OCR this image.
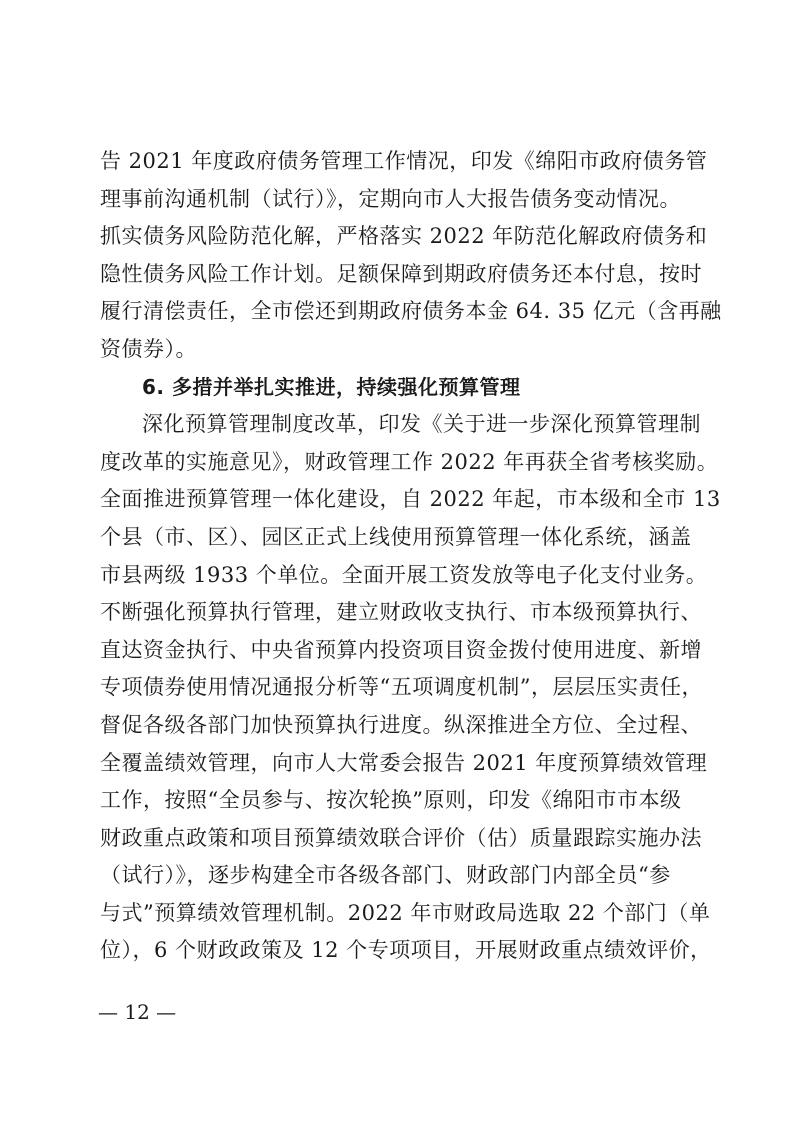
告 2021 年度政府债务管理工作情况，印发《绵阳市政府债务管
理事前沟通机制（试行）》，定期向市人大报告债务变动情况。
抓实债务风险防范化解，严格落实 2022 年防范化解政府债务和
隐性债务风险工作计划。足额保障到期政府债务还本付息，按时
履行清偿责任，全市偿还到期政府债务本金 64. 35 亿元（含再融
资债券）。
6. 多措并举扎实推进，持续强化预算管理
深化预算管理制度改革，印发《关于进一步深化预算管理制
度改革的实施意见》，财政管理工作 2022 年再获全省考核奖励。
全面推进预算管理一体化建设，自 2022 年起，市本级和全市 13
个县（市、区）、园区正式上线使用预算管理一体化系统，涵盖
市县两级 1933 个单位。全面开展工资发放等电子化支付业务。
不断强化预算执行管理，建立财政收支执行、市本级预算执行、
直达资金执行、中央省预算内投资项目资金拨付使用进度、新增
专项债券使用情况通报分析等“五项调度机制”，层层压实责任，
督促各级各部门加快预算执行进度。纵深推进全方位、全过程、
全覆盖绩效管理，向市人大常委会报告 2021 年度预算绩效管理
工作，按照“全员参与、按次轮换”原则，印发《绵阳市市本级
财政重点政策和项目预算绩效联合评价（估）质量跟踪实施办法
（试行）》，逐步构建全市各级各部门、财政部门内部全员“参
与式”预算绩效管理机制。2022 年市财政局选取 22 个部门（单
位），6 个财政政策及 12 个专项项目，开展财政重点绩效评价，
— 12 —
